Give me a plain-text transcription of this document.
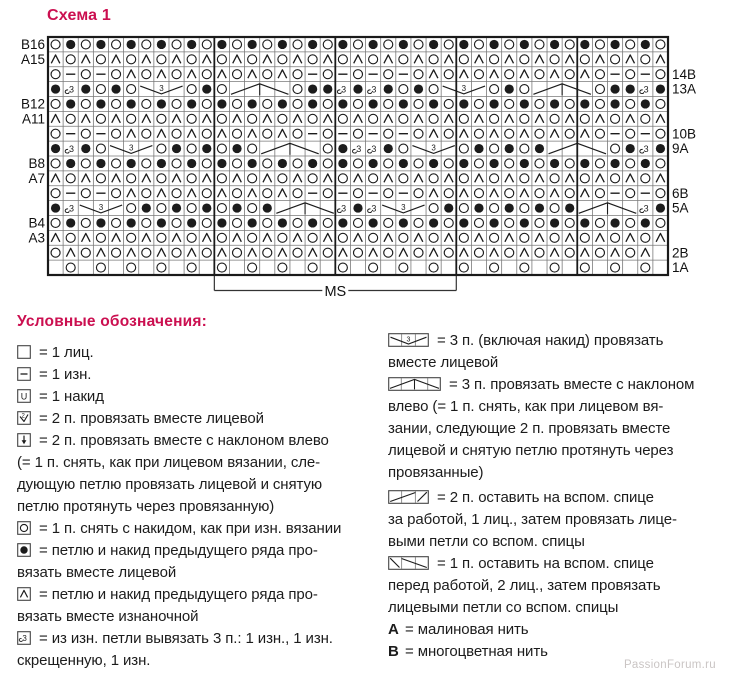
Схема 1
3	3	3	3	3	3
3	3	3 3	3	3
3	3	3	3	3	3
B16
A15
B12
A11
B8
A7
B4
A3
14B
13A
10B
9A
6B
5A
2B
1A
MS
Условные обозначения:
= 1 лиц.
= 1 изн.
U = 1 накид
2 = 2 п. провязать вместе лицевой
= 2 п. провязать вместе с наклоном влево
(= 1 п. снять, как при лицевом вязании, сле-
дующую петлю провязать лицевой и снятую
петлю протянуть через провязанную)
= 1 п. снять с накидом, как при изн. вязании
= петлю и накид предыдущего ряда про-
вязать вместе лицевой
= петлю и накид предыдущего ряда про-
вязать вместе изнаночной
3 = из изн. петли вывязать 3 п.: 1 изн., 1 изн.
скрещенную, 1 изн.
3 = 3 п. (включая накид) провязать
вместе лицевой
= 3 п. провязать вместе с наклоном
влево (= 1 п. снять, как при лицевом вя-
зании, следующие 2 п. провязать вместе
лицевой и снятую петлю протянуть через
провязанные)
= 2 п. оставить на вспом. спице
за работой, 1 лиц., затем провязать лице-
выми петли со вспом. спицы
= 1 п. оставить на вспом. спице
перед работой, 2 лиц., затем провязать
лицевыми петли со вспом. спицы
A = малиновая нить
B = многоцветная нить
PassionForum.ru
